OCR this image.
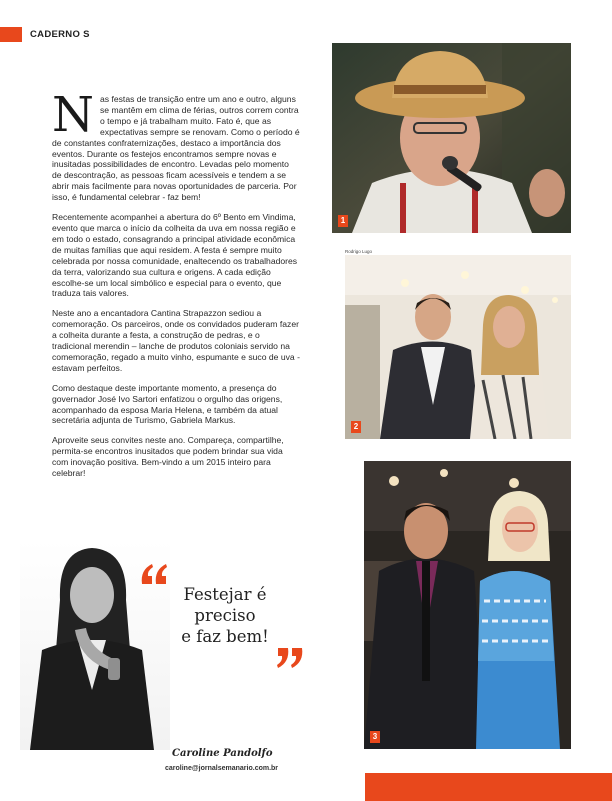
CADERNO S

Nas festas de transição entre um ano e outro, alguns se mantêm em clima de férias, outros correm contra o tempo e já trabalham muito. Fato é, que as expectativas sempre se renovam. Como o período é de constantes confraternizações, destaco a importância dos eventos. Durante os festejos encontramos sempre novas e inusitadas possibilidades de encontro. Levadas pelo momento de descontração, as pessoas ficam acessíveis e tendem a se abrir mais facilmente para novas oportunidades de parceria. Por isso, é fundamental celebrar - faz bem!

Recentemente acompanhei a abertura do 6º Bento em Vindima, evento que marca o início da colheita da uva em nossa região e em todo o estado, consagrando a principal atividade econômica de muitas famílias que aqui residem. A festa é sempre muito celebrada por nossa comunidade, enaltecendo os trabalhadores da terra, valorizando sua cultura e origens. A cada edição escolhe-se um local simbólico e especial para o evento, que traduza tais valores.

Neste ano a encantadora Cantina Strapazzon sediou a comemoração. Os parceiros, onde os convidados puderam fazer a colheita durante a festa, a construção de pedras, e o tradicional merendin – lanche de produtos coloniais servido na comemoração, regado a muito vinho, espumante e suco de uva - estavam perfeitos.

Como destaque deste importante momento, a presença do governador José Ivo Sartori enfatizou o orgulho das origens, acompanhado da esposa Maria Helena, e também da atual secretária adjunta de Turismo, Gabriela Markus.

Aproveite seus convites neste ano. Compareça, compartilhe, permita-se encontros inusitados que podem brindar sua vida com inovação positiva. Bem-vindo a um 2015 inteiro para celebrar!

1
Rodrigo Lugo
2
3
Festejar é
preciso
e faz bem!
Caroline Pandolfo
caroline@jornalsemanario.com.br
